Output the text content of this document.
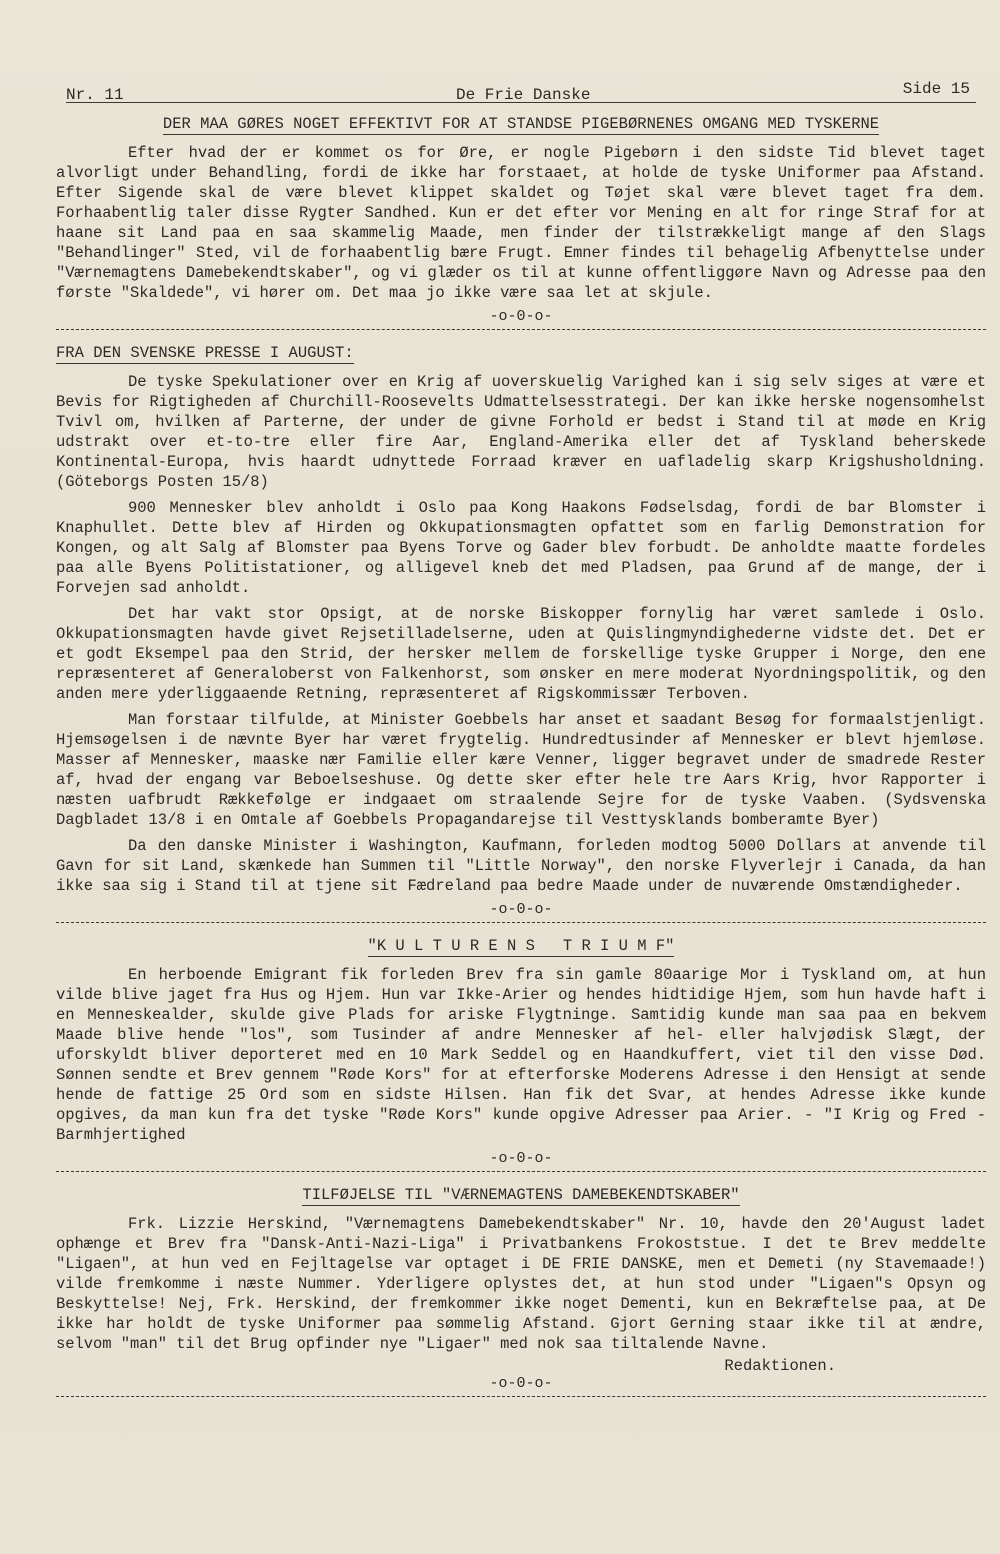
Nr. 11	De Frie Danske	Side 15
DER MAA GØRES NOGET EFFEKTIVT FOR AT STANDSE PIGEBØRNENES OMGANG MED TYSKERNE

Efter hvad der er kommet os for Øre, er nogle Pigebørn i den sidste Tid blevet taget alvorligt under Behandling, fordi de ikke har forstaaet, at holde de tyske Uniformer paa Afstand. Efter Sigende skal de være blevet klippet skaldet og Tøjet skal være blevet taget fra dem. Forhaabentlig taler disse Rygter Sandhed. Kun er det efter vor Mening en alt for ringe Straf for at haane sit Land paa en saa skammelig Maade, men finder der tilstrækkeligt mange af den Slags "Behandlinger" Sted, vil de forhaabentlig bære Frugt. Emner findes til behagelig Afbenyttelse under "Værnemagtens Damebekendtskaber", og vi glæder os til at kunne offentliggøre Navn og Adresse paa den første "Skaldede", vi hører om. Det maa jo ikke være saa let at skjule.

-o-0-o-

FRA DEN SVENSKE PRESSE I AUGUST:

De tyske Spekulationer over en Krig af uoverskuelig Varighed kan i sig selv siges at være et Bevis for Rigtigheden af Churchill-Roosevelts Udmattelsesstrategi. Der kan ikke herske nogensomhelst Tvivl om, hvilken af Parterne, der under de givne Forhold er bedst i Stand til at møde en Krig udstrakt over et-to-tre eller fire Aar, England-Amerika eller det af Tyskland beherskede Kontinental-Europa, hvis haardt udnyttede Forraad kræver en uafladelig skarp Krigshusholdning. (Göteborgs Posten 15/8)

900 Mennesker blev anholdt i Oslo paa Kong Haakons Fødselsdag, fordi de bar Blomster i Knaphullet. Dette blev af Hirden og Okkupationsmagten opfattet som en farlig Demonstration for Kongen, og alt Salg af Blomster paa Byens Torve og Gader blev forbudt. De anholdte maatte fordeles paa alle Byens Politistationer, og alligevel kneb det med Pladsen, paa Grund af de mange, der i Forvejen sad anholdt.

Det har vakt stor Opsigt, at de norske Biskopper fornylig har været samlede i Oslo. Okkupationsmagten havde givet Rejsetilladelserne, uden at Quislingmyndighederne vidste det. Det er et godt Eksempel paa den Strid, der hersker mellem de forskellige tyske Grupper i Norge, den ene repræsenteret af Generaloberst von Falkenhorst, som ønsker en mere moderat Nyordningspolitik, og den anden mere yderliggaaende Retning, repræsenteret af Rigskommissær Terboven.

Man forstaar tilfulde, at Minister Goebbels har anset et saadant Besøg for formaalstjenligt. Hjemsøgelsen i de nævnte Byer har været frygtelig. Hundredtusinder af Mennesker er blevt hjemløse. Masser af Mennesker, maaske nær Familie eller kære Venner, ligger begravet under de smadrede Rester af, hvad der engang var Beboelseshuse. Og dette sker efter hele tre Aars Krig, hvor Rapporter i næsten uafbrudt Rækkefølge er indgaaet om straalende Sejre for de tyske Vaaben. (Sydsvenska Dagbladet 13/8 i en Omtale af Goebbels Propagandarejse til Vesttysklands bomberamte Byer)

Da den danske Minister i Washington, Kaufmann, forleden modtog 5000 Dollars at anvende til Gavn for sit Land, skænkede han Summen til "Little Norway", den norske Flyverlejr i Canada, da han ikke saa sig i Stand til at tjene sit Fædreland paa bedre Maade under de nuværende Omstændigheder.

-o-0-o-

"K U L T U R E N S   T R I U M F"

En herboende Emigrant fik forleden Brev fra sin gamle 80aarige Mor i Tyskland om, at hun vilde blive jaget fra Hus og Hjem. Hun var Ikke-Arier og hendes hidtidige Hjem, som hun havde haft i en Menneskealder, skulde give Plads for ariske Flygtninge. Samtidig kunde man saa paa en bekvem Maade blive hende "los", som Tusinder af andre Mennesker af hel- eller halvjødisk Slægt, der uforskyldt bliver deporteret med en 10 Mark Seddel og en Haandkuffert, viet til den visse Død. Sønnen sendte et Brev gennem "Røde Kors" for at efterforske Moderens Adresse i den Hensigt at sende hende de fattige 25 Ord som en sidste Hilsen. Han fik det Svar, at hendes Adresse ikke kunde opgives, da man kun fra det tyske "Røde Kors" kunde opgive Adresser paa Arier. - "I Krig og Fred - Barmhjertighed

-o-0-o-

TILFØJELSE TIL "VÆRNEMAGTENS DAMEBEKENDTSKABER"

Frk. Lizzie Herskind, "Værnemagtens Damebekendtskaber" Nr. 10, havde den 20'August ladet ophænge et Brev fra "Dansk-Anti-Nazi-Liga" i Privatbankens Frokoststue. I det te Brev meddelte "Ligaen", at hun ved en Fejltagelse var optaget i DE FRIE DANSKE, men et Demeti (ny Stavemaade!) vilde fremkomme i næste Nummer. Yderligere oplystes det, at hun stod under "Ligaen"s Opsyn og Beskyttelse! Nej, Frk. Herskind, der fremkommer ikke noget Dementi, kun en Bekræftelse paa, at De ikke har holdt de tyske Uniformer paa sømmelig Afstand. Gjort Gerning staar ikke til at ændre, selvom "man" til det Brug opfinder nye "Ligaer" med nok saa tiltalende Navne.

Redaktionen.

-o-0-o-
